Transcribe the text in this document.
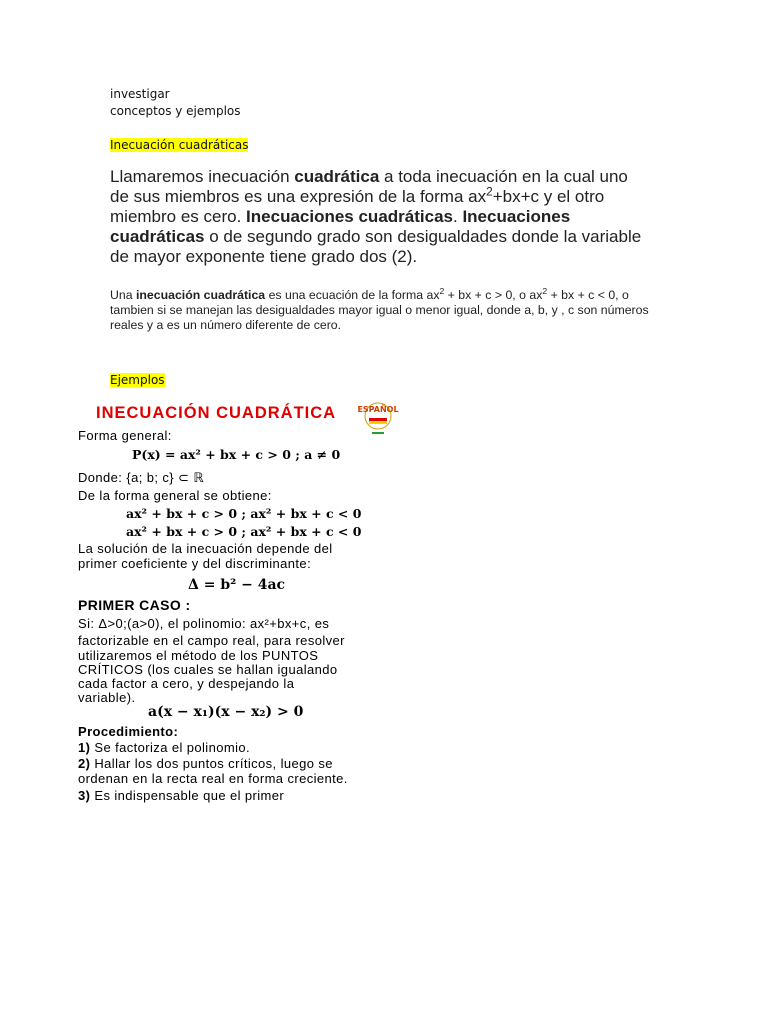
investigar
conceptos y ejemplos
Inecuación cuadráticas
Llamaremos inecuación cuadrática a toda inecuación en la cual uno de sus miembros es una expresión de la forma $ax^2+bx+c$ y el otro miembro es cero. Inecuaciones cuadráticas. Inecuaciones cuadráticas o de segundo grado son desigualdades donde la variable de mayor exponente tiene grado dos (2).
Una inecuación cuadrática es una ecuación de la forma $ax^2$ + bx + c > 0, o $ax^2$ + bx + c < 0, o tambien si se manejan las desigualdades mayor igual o menor igual, donde a, b, y , c son números reales y a es un número diferente de cero.
Ejemplos
INECUACIÓN CUADRÁTICA	ESPAÑOL
Forma general:
P(x) = ax² + bx + c > 0 ; a ≠ 0
Donde: {a; b; c} ⊂ ℝ
De la forma general se obtiene:
ax² + bx + c > 0 ; ax² + bx + c < 0
ax² + bx + c > 0 ; ax² + bx + c < 0
La solución de la inecuación depende del
primer coeficiente y del discriminante:
Δ = b² − 4ac
PRIMER CASO :
Si: Δ>0;(a>0), el polinomio: ax²+bx+c, es
factorizable en el campo real, para resolver
utilizaremos el método de los PUNTOS
CRÍTICOS (los cuales se hallan igualando
cada factor a cero, y despejando la
variable).
a(x − x₁)(x − x₂) > 0
Procedimiento:
1) Se factoriza el polinomio.
2) Hallar los dos puntos críticos, luego se
ordenan en la recta real en forma creciente.
3) Es indispensable que el primer
